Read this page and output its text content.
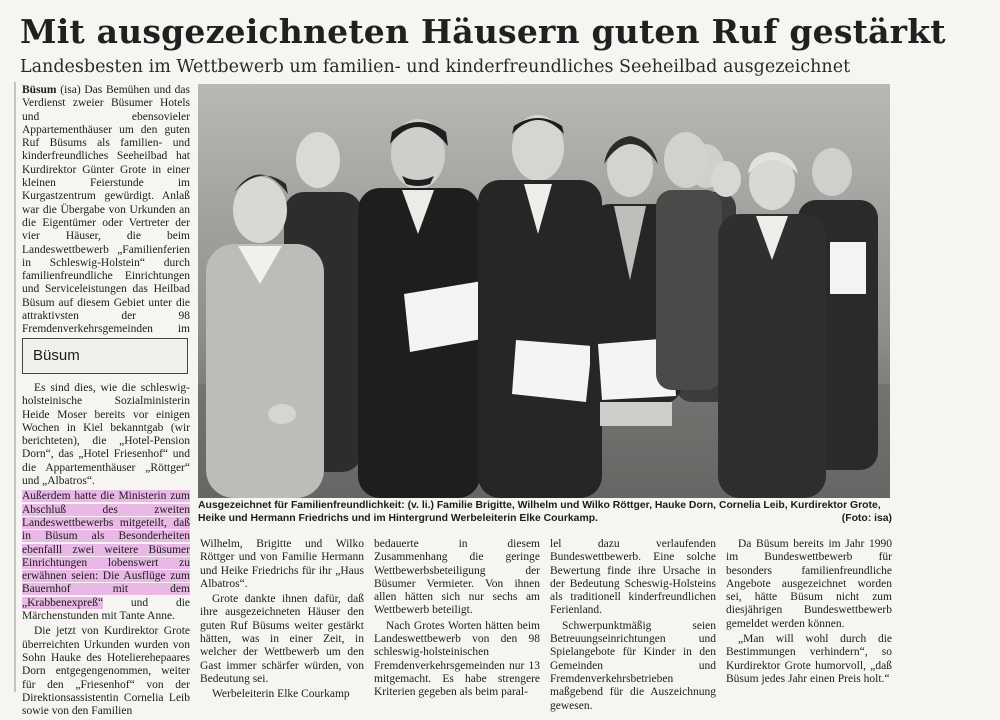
Mit ausgezeichneten Häusern guten Ruf gestärkt
Landesbesten im Wettbewerb um familien- und kinderfreundliches Seeheilbad ausgezeichnet

Büsum (isa) Das Bemühen und das Verdienst zweier Büsumer Hotels und ebensovieler Appartementhäuser um den guten Ruf Büsums als familien- und kinderfreundliches Seeheilbad hat Kurdirektor Günter Grote in einer kleinen Feierstunde im Kurgastzentrum gewürdigt. Anlaß war die Übergabe von Urkunden an die Eigentümer oder Vertreter der vier Häuser, die beim Landeswettbewerb „Familienferien in Schleswig-Holstein“ durch familienfreundliche Einrichtungen und Serviceleistungen das Heilbad Büsum auf diesem Gebiet unter die attraktivsten der 98 Fremdenverkehrsgemeinden im

Büsum

Es sind dies, wie die schleswig-holsteinische Sozialministerin Heide Moser bereits vor einigen Wochen in Kiel bekanntgab (wir berichteten), die „Hotel-Pension Dorn“, das „Hotel Friesenhof“ und die Appartementhäuser „Röttger“ und „Albatros“.

Außerdem hatte die Ministerin zum Abschluß des zweiten Landeswettbewerbs mitgeteilt, daß in Büsum als Besonderheiten ebenfalll zwei weitere Büsumer Einrichtungen lobenswert zu erwähnen seien: Die Ausflüge zum Bauernhof mit dem „Krabbenexpreß“ und die Märchenstunden mit Tante Anne.

Die jetzt von Kurdirektor Grote überreichten Urkunden wurden von Sohn Hauke des Hotelierehepaares Dorn entgegengenommen, weiter für den „Friesenhof“ von der Direktionsassistentin Cornelia Leib sowie von den Familien

Ausgezeichnet für Familienfreundlichkeit: (v. li.) Familie Brigitte, Wilhelm und Wilko Röttger, Hauke Dorn, Cornelia Leib, Kurdirektor Grote, Heike und Hermann Friedrichs und im Hintergrund Werbeleiterin Elke Courkamp.	(Foto: isa)

Wilhelm, Brigitte und Wilko Röttger und von Familie Hermann und Heike Friedrichs für ihr „Haus Albatros“.

Grote dankte ihnen dafür, daß ihre ausgezeichneten Häuser den guten Ruf Büsums weiter gestärkt hätten, was in einer Zeit, in welcher der Wettbewerb um den Gast immer schärfer würden, von Bedeutung sei.

Werbeleiterin Elke Courkamp

bedauerte in diesem Zusammenhang die geringe Wettbewerbsbeteiligung der Büsumer Vermieter. Von ihnen allen hätten sich nur sechs am Wettbewerb beteiligt.

Nach Grotes Worten hätten beim Landeswettbewerb von den 98 schleswig-holsteinischen Fremdenverkehrsgemeinden nur 13 mitgemacht. Es habe strengere Kriterien gegeben als beim paral-

lel dazu verlaufenden Bundeswettbewerb. Eine solche Bewertung finde ihre Ursache in der Bedeutung Scheswig-Holsteins als traditionell kinderfreundlichen Ferienland.

Schwerpunktmäßig seien Betreuungseinrichtungen und Spielangebote für Kinder in den Gemeinden und Fremdenverkehrsbetrieben maßgebend für die Auszeichnung gewesen.

Da Büsum bereits im Jahr 1990 im Bundeswettbewerb für besonders familienfreundliche Angebote ausgezeichnet worden sei, hätte Büsum nicht zum diesjährigen Bundeswettbewerb gemeldet werden können.

„Man will wohl durch die Bestimmungen verhindern“, so Kurdirektor Grote humorvoll, „daß Büsum jedes Jahr einen Preis holt.“
